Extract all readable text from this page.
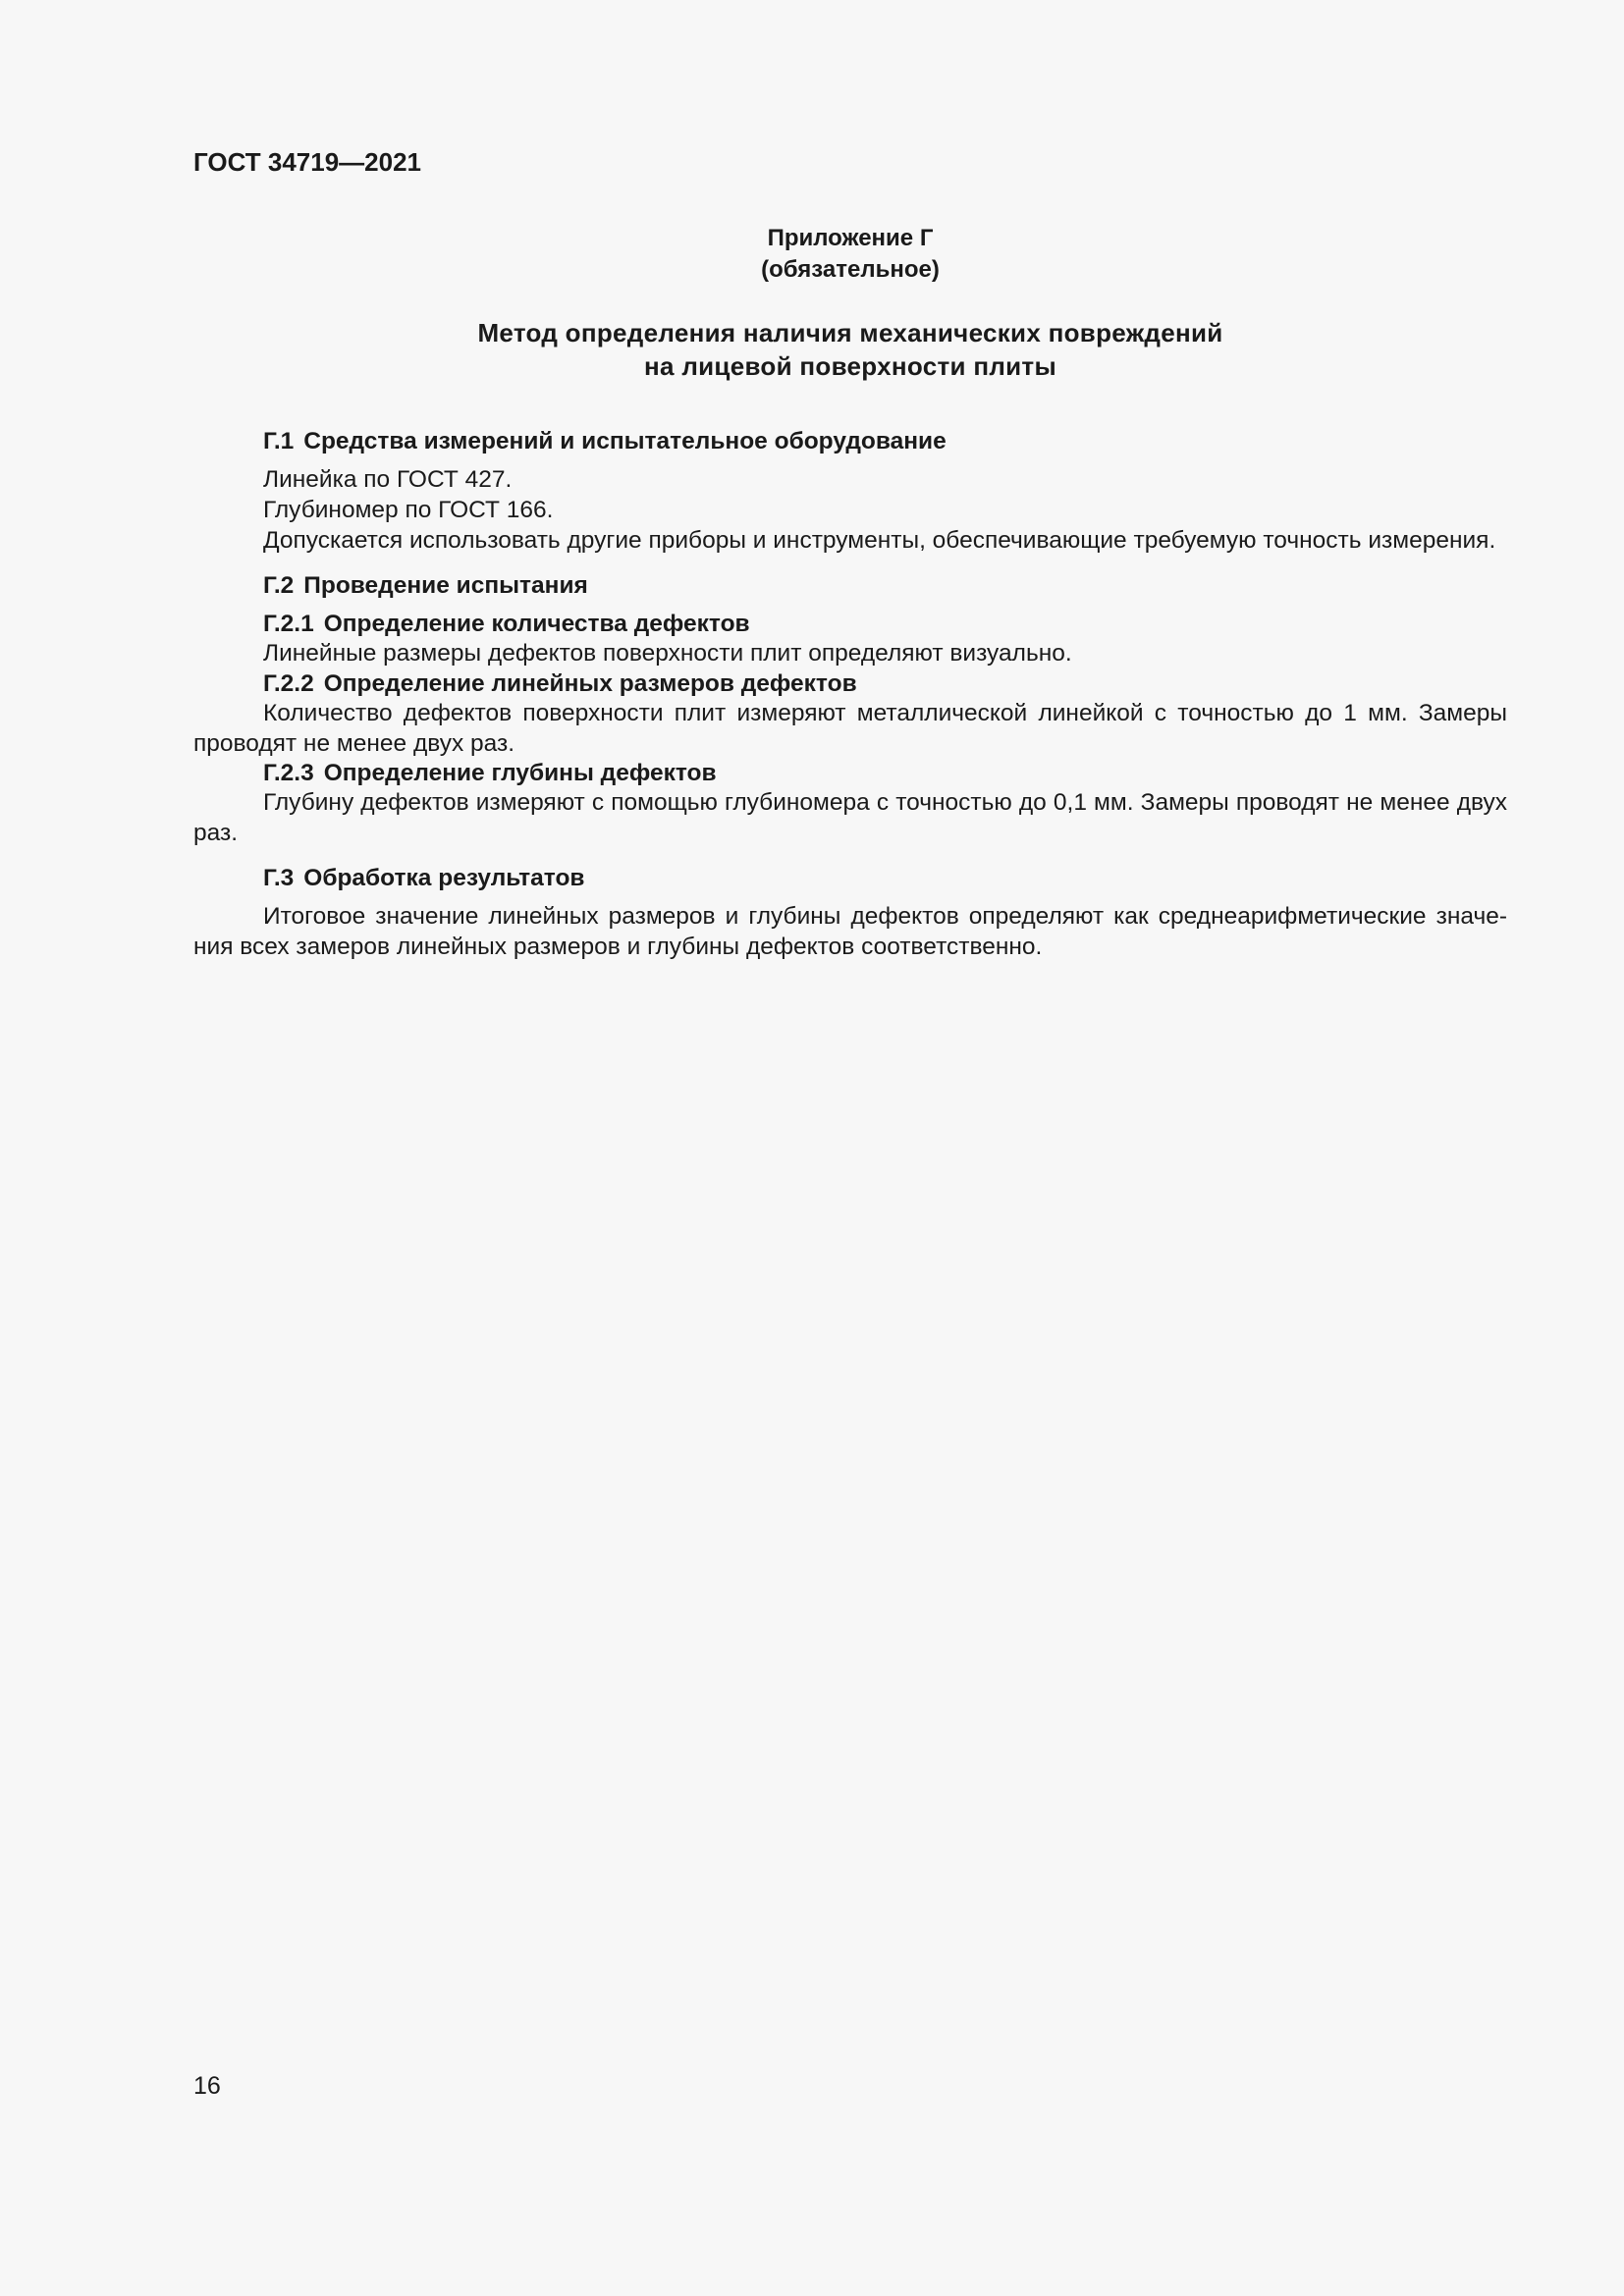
ГОСТ 34719—2021
Приложение Г
(обязательное)
Метод определения наличия механических повреждений
на лицевой поверхности плиты
Г.1 Средства измерений и испытательное оборудование
Линейка по ГОСТ 427.
Глубиномер по ГОСТ 166.
Допускается использовать другие приборы и инструменты, обеспечивающие требуемую точность измерения.
Г.2 Проведение испытания
Г.2.1 Определение количества дефектов
Линейные размеры дефектов поверхности плит определяют визуально.
Г.2.2 Определение линейных размеров дефектов
Количество дефектов поверхности плит измеряют металлической линейкой с точностью до 1 мм. Замеры проводят не менее двух раз.
Г.2.3 Определение глубины дефектов
Глубину дефектов измеряют с помощью глубиномера с точностью до 0,1 мм. Замеры проводят не менее двух раз.
Г.3 Обработка результатов
Итоговое значение линейных размеров и глубины дефектов определяют как среднеарифметические значе-ния всех замеров линейных размеров и глубины дефектов соответственно.
16
